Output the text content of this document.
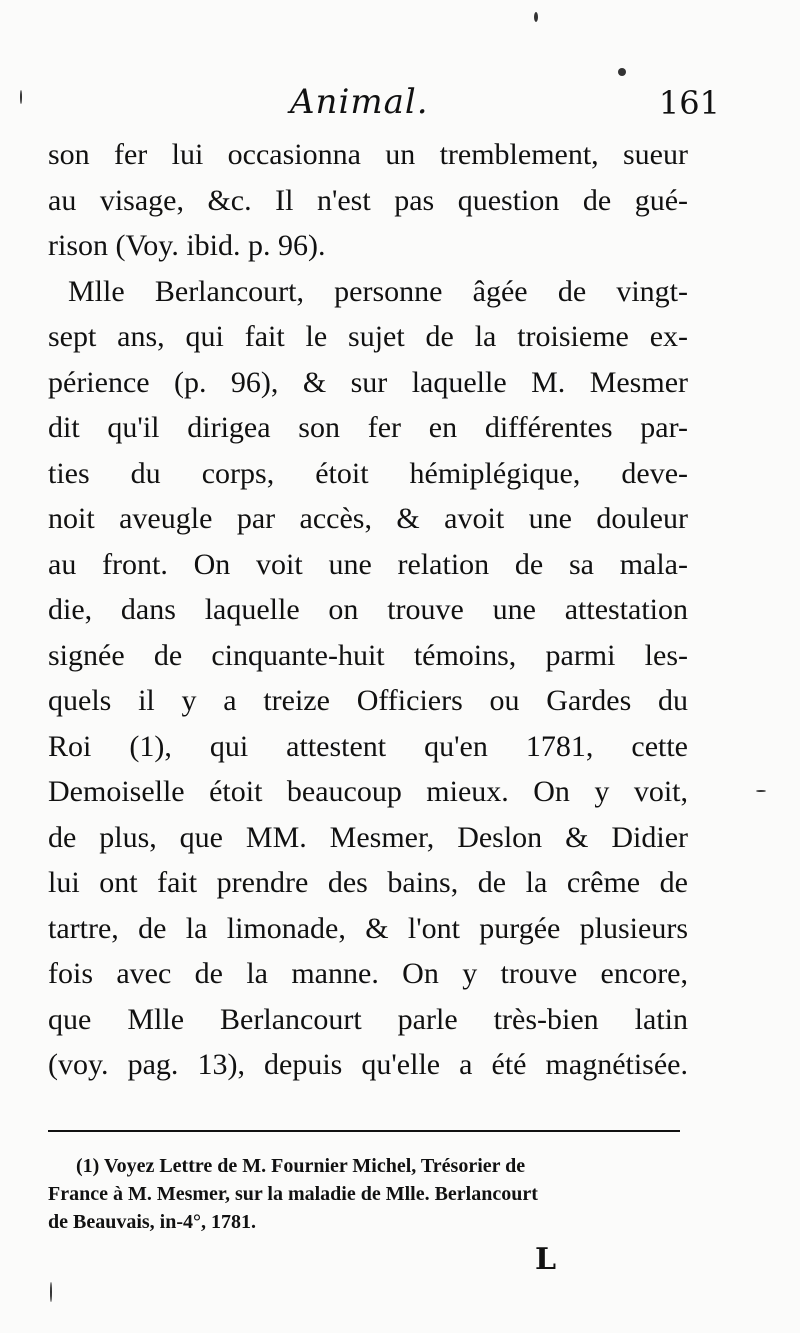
Animal.	161
son fer lui occasionna un tremblement, sueur
au visage, &c. Il n'est pas question de gué-
rison (Voy. ibid. p. 96).
Mlle Berlancourt, personne âgée de vingt-
sept ans, qui fait le sujet de la troisieme ex-
périence (p. 96), & sur laquelle M. Mesmer
dit qu'il dirigea son fer en différentes par-
ties du corps, étoit hémiplégique, deve-
noit aveugle par accès, & avoit une douleur
au front. On voit une relation de sa mala-
die, dans laquelle on trouve une attestation
signée de cinquante-huit témoins, parmi les-
quels il y a treize Officiers ou Gardes du
Roi (1), qui attestent qu'en 1781, cette
Demoiselle étoit beaucoup mieux. On y voit,
de plus, que MM. Mesmer, Deslon & Didier
lui ont fait prendre des bains, de la crême de
tartre, de la limonade, & l'ont purgée plusieurs
fois avec de la manne. On y trouve encore,
que Mlle Berlancourt parle très-bien latin
(voy. pag. 13), depuis qu'elle a été magnétisée.
(1) Voyez Lettre de M. Fournier Michel, Trésorier de
France à M. Mesmer, sur la maladie de Mlle. Berlancourt
de Beauvais, in-4°, 1781.
L
